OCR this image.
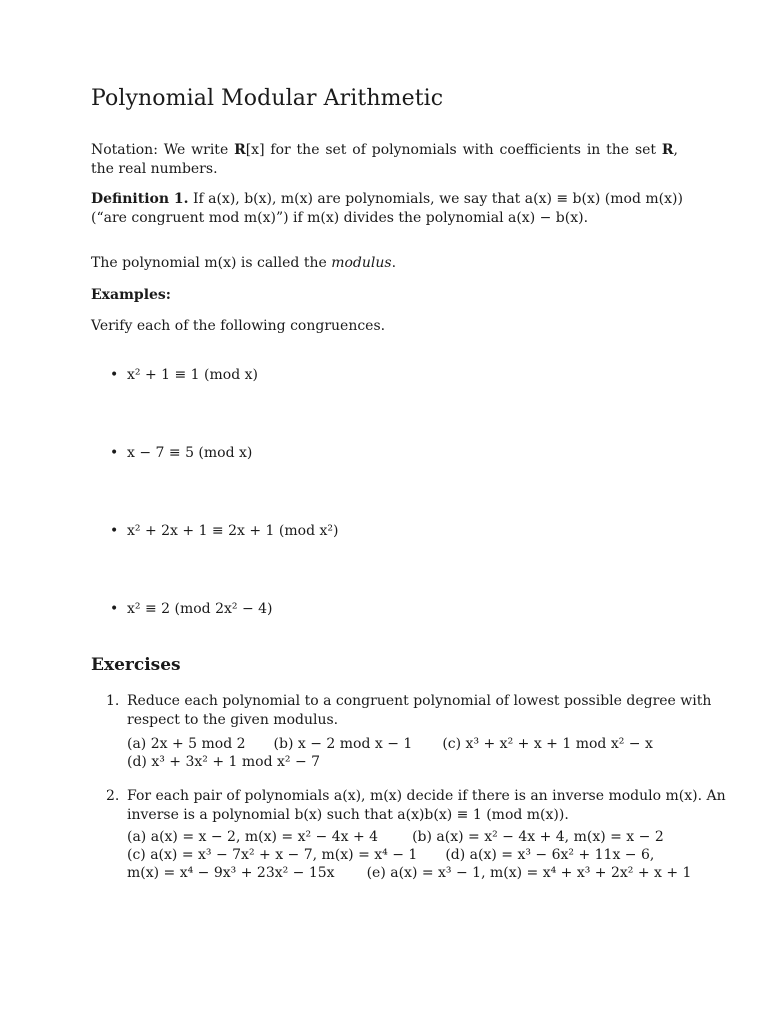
Polynomial Modular Arithmetic

Notation: We write R[x] for the set of polynomials with coefficients in the set R, the real numbers.

Definition 1. If a(x), b(x), m(x) are polynomials, we say that a(x) ≡ b(x) (mod m(x))
(“are congruent mod m(x)”) if m(x) divides the polynomial a(x) − b(x).

The polynomial m(x) is called the modulus.

Examples:

Verify each of the following congruences.

• x² + 1 ≡ 1 (mod x)
• x − 7 ≡ 5 (mod x)
• x² + 2x + 1 ≡ 2x + 1 (mod x²)
• x² ≡ 2 (mod 2x² − 4)
Exercises
1. Reduce each polynomial to a congruent polynomial of lowest possible degree with
respect to the given modulus.
(a) 2x + 5 mod 2 (b) x − 2 mod x − 1 (c) x³ + x² + x + 1 mod x² − x
(d) x³ + 3x² + 1 mod x² − 7
2. For each pair of polynomials a(x), m(x) decide if there is an inverse modulo m(x). An
inverse is a polynomial b(x) such that a(x)b(x) ≡ 1 (mod m(x)).
(a) a(x) = x − 2, m(x) = x² − 4x + 4 (b) a(x) = x² − 4x + 4, m(x) = x − 2
(c) a(x) = x³ − 7x² + x − 7, m(x) = x⁴ − 1 (d) a(x) = x³ − 6x² + 11x − 6,
m(x) = x⁴ − 9x³ + 23x² − 15x (e) a(x) = x³ − 1, m(x) = x⁴ + x³ + 2x² + x + 1
